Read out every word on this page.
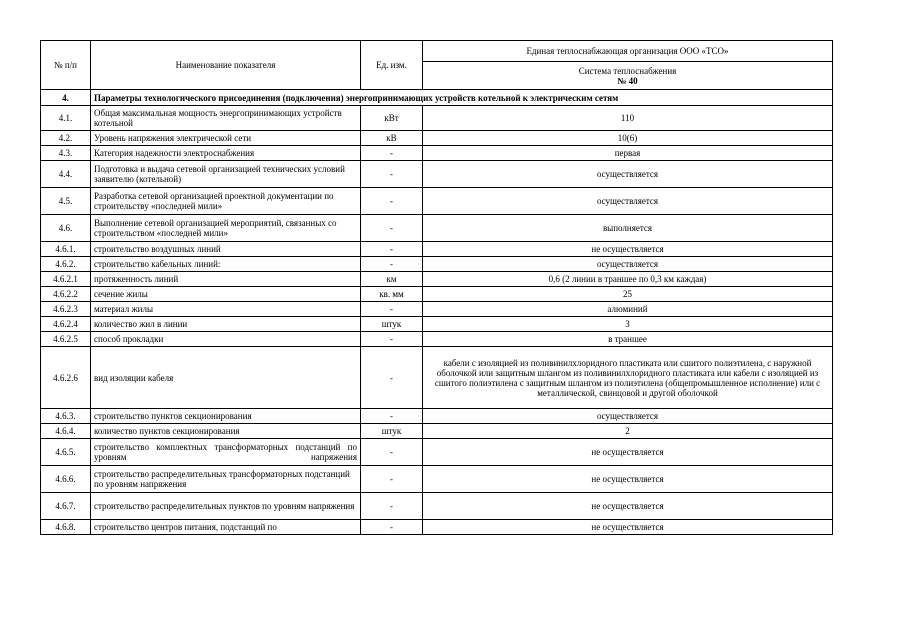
№ п/п	Наименование показателя	Ед. изм.	Единая теплоснабжающая организация ООО «ТСО»

			Система теплоснабжения
№ 40

4.	Параметры технологического присоединения (подключения) энергопринимающих устройств котельной к электрическим сетям		
4.1.	Общая максимальная мощность энергопринимающих устройств котельной	кВт	110
4.2.	Уровень напряжения электрической сети	кВ	10(6)
4.3.	Категория надежности электроснабжения	-	первая
4.4.	Подготовка и выдача сетевой организацией технических условий заявителю (котельной)	-	осуществляется
4.5.	Разработка сетевой организацией проектной документации по строительству «последней мили»	-	осуществляется
4.6.	Выполнение сетевой организацией мероприятий, связанных со строительством «последней мили»	-	выполняется
4.6.1.	строительство воздушных линий	-	не осуществляется
4.6.2.	строительство кабельных линий:	-	осуществляется
4.6.2.1	протяженность линий	км	0,6 (2 линии в траншее по 0,3 км каждая)
4.6.2.2	сечение жилы	кв. мм	25
4.6.2.3	материал жилы	-	алюминий
4.6.2.4	количество жил в линии	штук	3
4.6.2.5	способ прокладки	-	в траншее
4.6.2.6	вид изоляции кабеля	-	кабели с изоляцией из поливинилхлоридного пластиката или сшитого полиэтилена, с наружной оболочкой или защитным шлангом из поливинилхлоридного пластиката или кабели с изоляцией из сшитого полиэтилена с защитным шлангом из полиэтилена (общепромышленное исполнение) или с металлической, свинцовой и другой оболочкой
4.6.3.	строительство пунктов секционирования	-	осуществляется
4.6.4.	количество пунктов секционирования	штук	2
4.6.5.	строительство комплектных трансформаторных подстанций по уровням напряжения	-	не осуществляется
4.6.6.	строительство распределительных трансформаторных подстанций по уровням напряжения	-	не осуществляется
4.6.7.	строительство распределительных пунктов по уровням напряжения	-	не осуществляется
4.6.8.	строительство центров питания, подстанций по	-	не осуществляется
